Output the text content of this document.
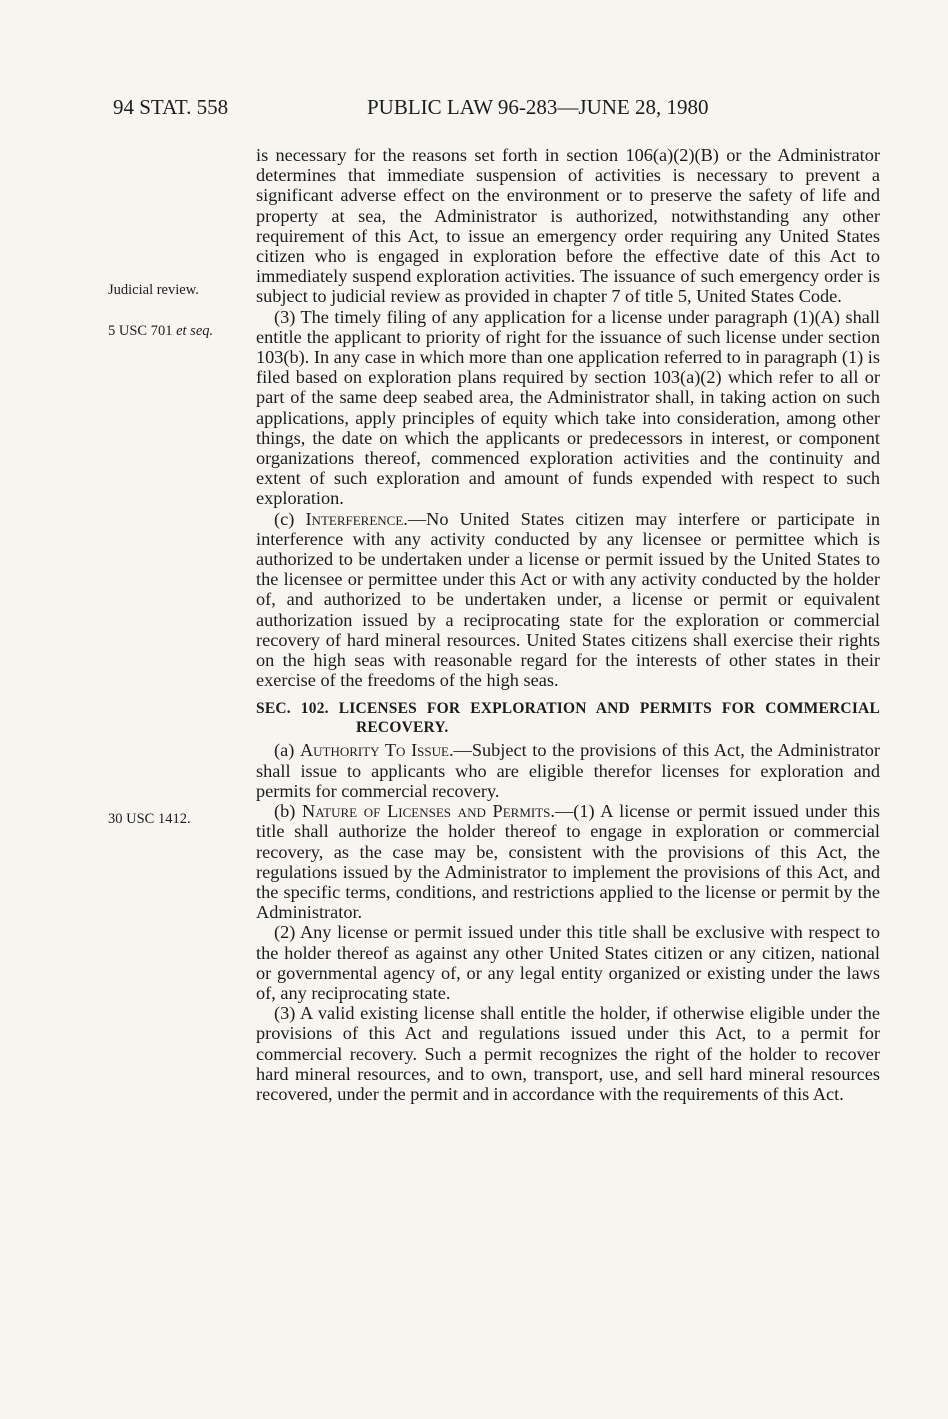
94 STAT. 558	PUBLIC LAW 96-283—JUNE 28, 1980
Judicial review.
5 USC 701 et seq.
30 USC 1412.

is necessary for the reasons set forth in section 106(a)(2)(B) or the Administrator determines that immediate suspension of activities is necessary to prevent a significant adverse effect on the environment or to preserve the safety of life and property at sea, the Administrator is authorized, notwithstanding any other requirement of this Act, to issue an emergency order requiring any United States citizen who is engaged in exploration before the effective date of this Act to immediately suspend exploration activities. The issuance of such emergency order is subject to judicial review as provided in chapter 7 of title 5, United States Code.

(3) The timely filing of any application for a license under paragraph (1)(A) shall entitle the applicant to priority of right for the issuance of such license under section 103(b). In any case in which more than one application referred to in paragraph (1) is filed based on exploration plans required by section 103(a)(2) which refer to all or part of the same deep seabed area, the Administrator shall, in taking action on such applications, apply principles of equity which take into consideration, among other things, the date on which the applicants or predecessors in interest, or component organizations thereof, commenced exploration activities and the continuity and extent of such exploration and amount of funds expended with respect to such exploration.

(c) Interference.—No United States citizen may interfere or participate in interference with any activity conducted by any licensee or permittee which is authorized to be undertaken under a license or permit issued by the United States to the licensee or permittee under this Act or with any activity conducted by the holder of, and authorized to be undertaken under, a license or permit or equivalent authorization issued by a reciprocating state for the exploration or commercial recovery of hard mineral resources. United States citizens shall exercise their rights on the high seas with reasonable regard for the interests of other states in their exercise of the freedoms of the high seas.

SEC. 102. LICENSES FOR EXPLORATION AND PERMITS FOR COMMERCIAL RECOVERY.

(a) Authority To Issue.—Subject to the provisions of this Act, the Administrator shall issue to applicants who are eligible therefor licenses for exploration and permits for commercial recovery.

(b) Nature of Licenses and Permits.—(1) A license or permit issued under this title shall authorize the holder thereof to engage in exploration or commercial recovery, as the case may be, consistent with the provisions of this Act, the regulations issued by the Administrator to implement the provisions of this Act, and the specific terms, conditions, and restrictions applied to the license or permit by the Administrator.

(2) Any license or permit issued under this title shall be exclusive with respect to the holder thereof as against any other United States citizen or any citizen, national or governmental agency of, or any legal entity organized or existing under the laws of, any reciprocating state.

(3) A valid existing license shall entitle the holder, if otherwise eligible under the provisions of this Act and regulations issued under this Act, to a permit for commercial recovery. Such a permit recognizes the right of the holder to recover hard mineral resources, and to own, transport, use, and sell hard mineral resources recovered, under the permit and in accordance with the requirements of this Act.
